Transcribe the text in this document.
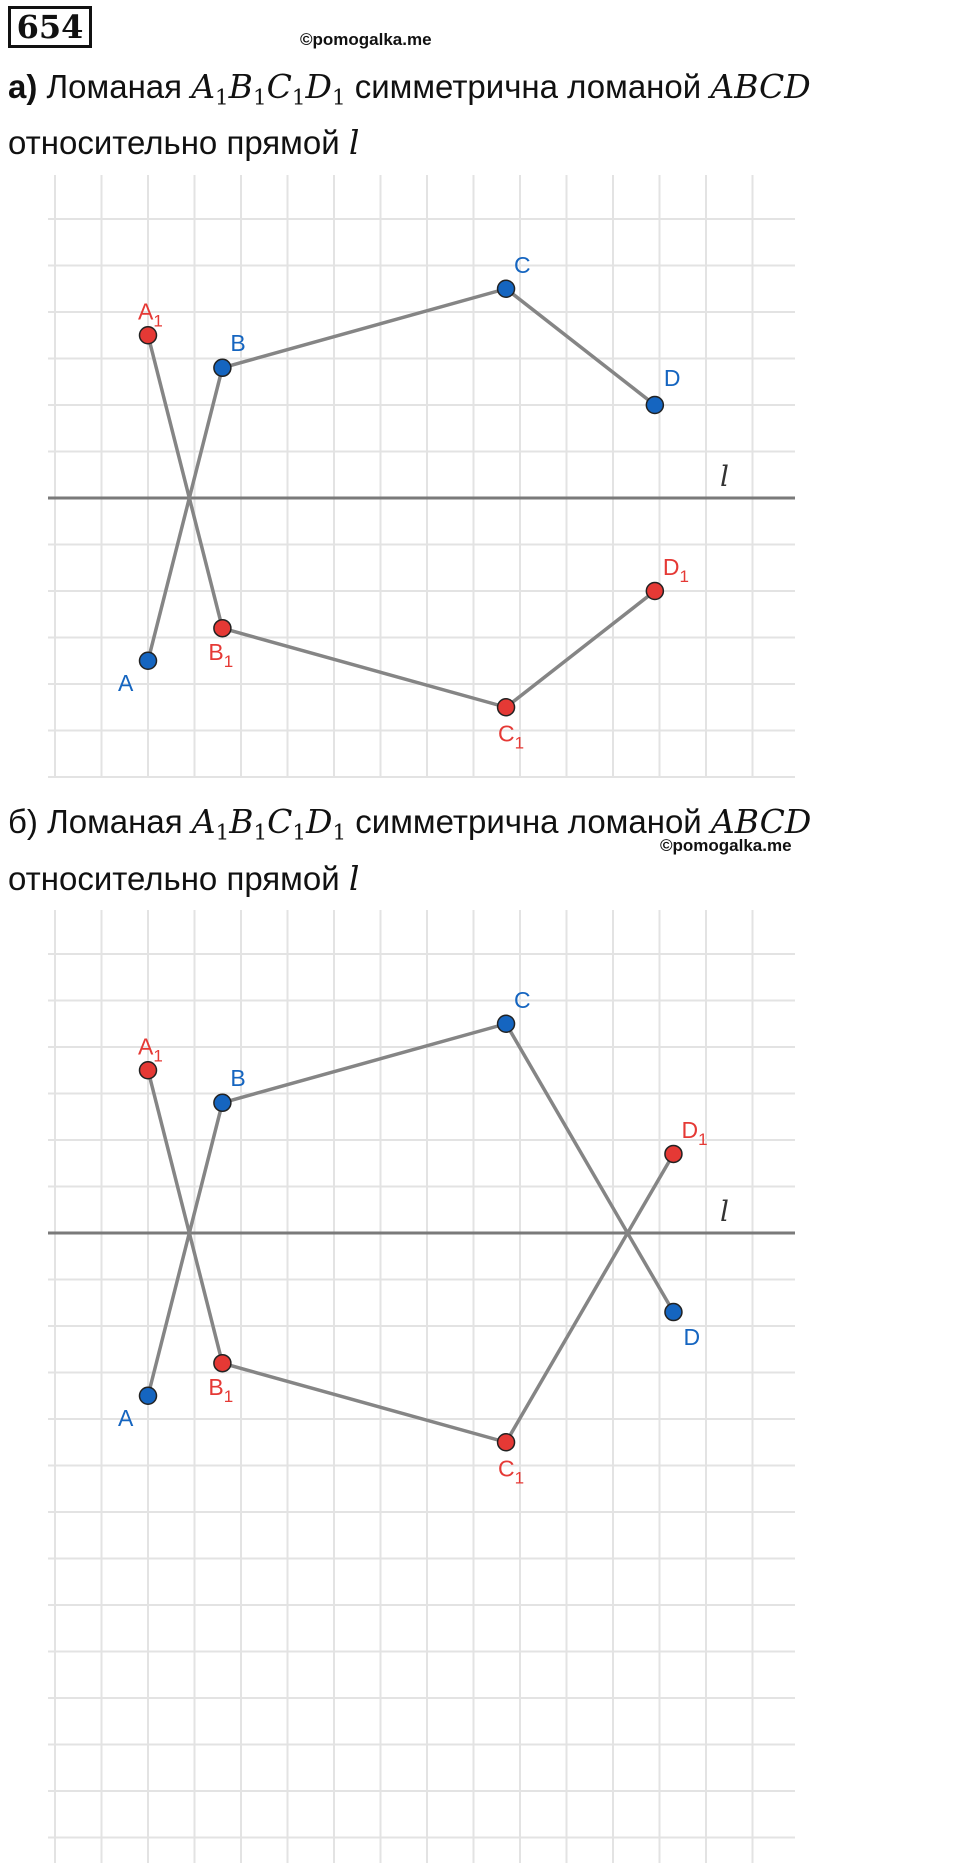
654	©pomogalka.me
а) Ломаная $A_1B_1C_1D_1$ симметрична ломаной ABCD
относительно прямой l
l
A
B
C
D
$A_1$
$B_1$
$C_1$
$D_1$
б) Ломаная $A_1B_1C_1D_1$ симметрична ломаной ABCD
©pomogalka.me
относительно прямой l
l
A
B
C
D
$A_1$
$B_1$
$C_1$
$D_1$
